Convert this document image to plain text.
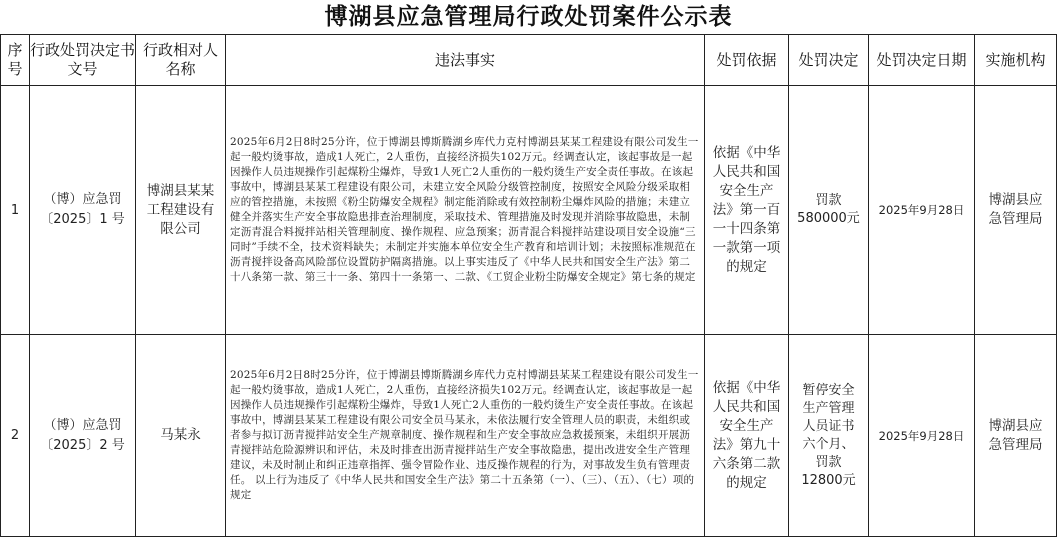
博湖县应急管理局行政处罚案件公示表
序号	行政处罚决定书文号	行政相对人名称	违法事实	处罚依据	处罚决定	处罚决定日期	实施机构
1	（博）应急罚〔2025〕1 号	博湖县某某工程建设有限公司	2025年6月2日8时25分许，位于博湖县博斯腾湖乡库代力克村博湖县某某工程建设有限公司发生一起一般灼烫事故，造成1人死亡，2人重伤，直接经济损失102万元。经调查认定，该起事故是一起因操作人员违规操作引起煤粉尘爆炸，导致1人死亡2人重伤的一般灼烫生产安全责任事故。在该起事故中，博湖县某某工程建设有限公司，未建立安全风险分级管控制度，按照安全风险分级采取相应的管控措施，未按照《粉尘防爆安全规程》制定能消除或有效控制粉尘爆炸风险的措施；未建立健全并落实生产安全事故隐患排查治理制度，采取技术、管理措施及时发现并消除事故隐患，未制定沥青混合料搅拌站相关管理制度、操作规程、应急预案；沥青混合料搅拌站建设项目安全设施“三同时”手续不全，技术资料缺失；未制定并实施本单位安全生产教育和培训计划；未按照标准规范在沥青搅拌设备高风险部位设置防护隔离措施。以上事实违反了《中华人民共和国安全生产法》第二十八条第一款、第三十一条、第四十一条第一、二款、《工贸企业粉尘防爆安全规定》第七条的规定	依据《中华人民共和国安全生产法》第一百一十四条第一款第一项的规定	罚款580000元	2025年9月28日	博湖县应急管理局
2	（博）应急罚〔2025〕2 号	马某永	2025年6月2日8时25分许，位于博湖县博斯腾湖乡库代力克村博湖县某某工程建设有限公司发生一起一般灼烫事故，造成1人死亡，2人重伤，直接经济损失102万元。经调查认定，该起事故是一起因操作人员违规操作引起煤粉尘爆炸，导致1人死亡2人重伤的一般灼烫生产安全责任事故。在该起事故中，博湖县某某工程建设有限公司安全员马某永，未依法履行安全管理人员的职责，未组织或者参与拟订沥青搅拌站安全生产规章制度、操作规程和生产安全事故应急救援预案，未组织开展沥青搅拌站危险源辨识和评估，未及时排查出沥青搅拌站生产安全事故隐患，提出改进安全生产管理建议，未及时制止和纠正违章指挥、强令冒险作业、违反操作规程的行为，对事故发生负有管理责任。 以上行为违反了《中华人民共和国安全生产法》第二十五条第（一）、（三）、（五）、（七）项的规定	依据《中华人民共和国安全生产法》第九十六条第二款的规定	暂停安全生产管理人员证书六个月、罚款12800元	2025年9月28日	博湖县应急管理局
